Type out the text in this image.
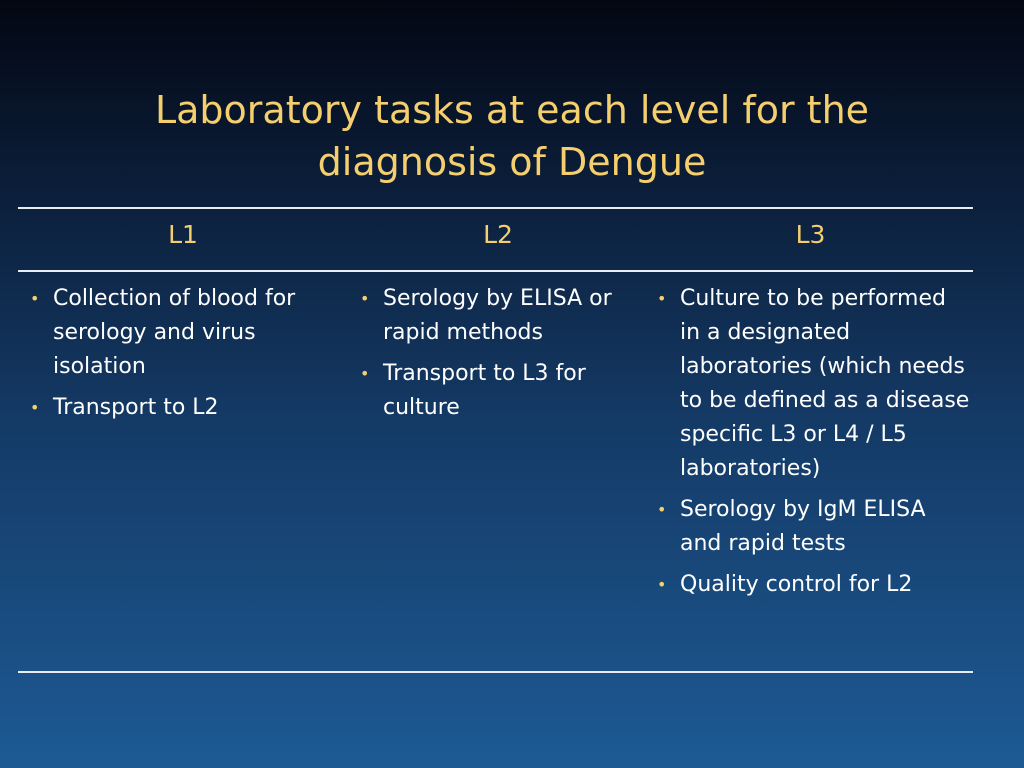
Laboratory tasks at each level for the
diagnosis of Dengue
L1	L2	L3
• Collection of blood for serology and virus isolation
• Transport to L2
• Serology by ELISA or rapid methods
• Transport to L3 for culture
• Culture to be performed in a designated laboratories (which needs to be defined as a disease specific L3 or L4 / L5 laboratories)
• Serology by IgM ELISA and rapid tests
• Quality control for L2
